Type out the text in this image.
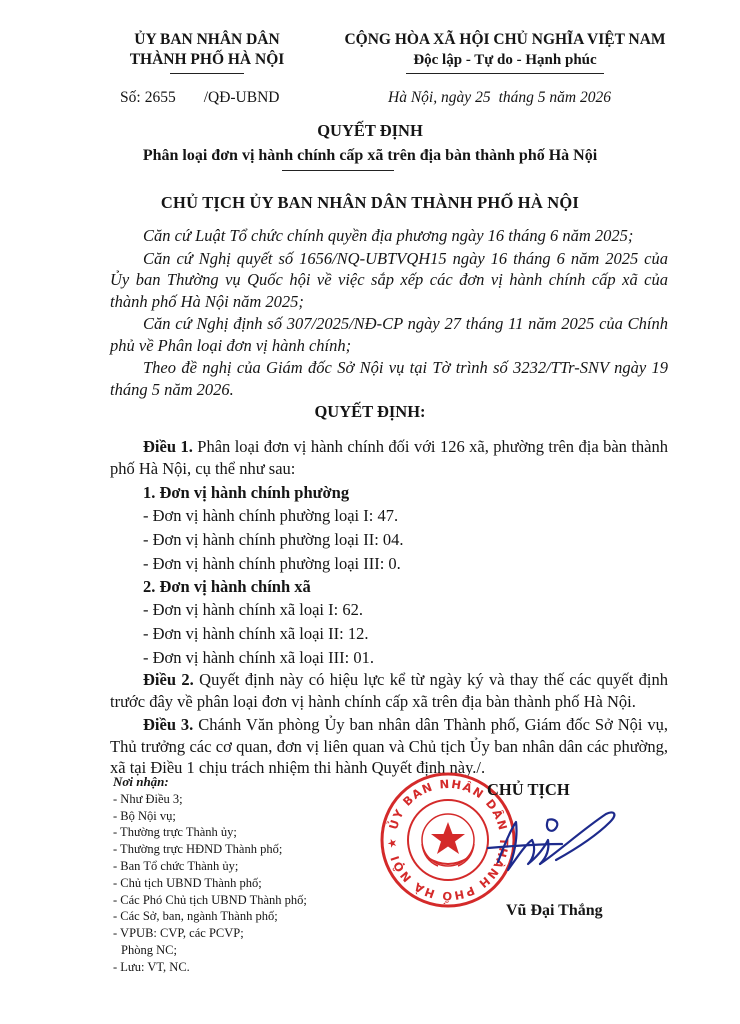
ỦY BAN NHÂN DÂN
THÀNH PHỐ HÀ NỘI
CỘNG HÒA XÃ HỘI CHỦ NGHĨA VIỆT NAM
Độc lập - Tự do - Hạnh phúc
Số: 2655 /QĐ-UBND	Hà Nội, ngày 25 tháng 5 năm 2026
QUYẾT ĐỊNH
Phân loại đơn vị hành chính cấp xã trên địa bàn thành phố Hà Nội
CHỦ TỊCH ỦY BAN NHÂN DÂN THÀNH PHỐ HÀ NỘI

Căn cứ Luật Tổ chức chính quyền địa phương ngày 16 tháng 6 năm 2025;

Căn cứ Nghị quyết số 1656/NQ-UBTVQH15 ngày 16 tháng 6 năm 2025 của Ủy ban Thường vụ Quốc hội về việc sắp xếp các đơn vị hành chính cấp xã của thành phố Hà Nội năm 2025;

Căn cứ Nghị định số 307/2025/NĐ-CP ngày 27 tháng 11 năm 2025 của Chính phủ về Phân loại đơn vị hành chính;

Theo đề nghị của Giám đốc Sở Nội vụ tại Tờ trình số 3232/TTr-SNV ngày 19 tháng 5 năm 2026.

QUYẾT ĐỊNH:

Điều 1. Phân loại đơn vị hành chính đối với 126 xã, phường trên địa bàn thành phố Hà Nội, cụ thể như sau:

1. Đơn vị hành chính phường
- Đơn vị hành chính phường loại I: 47.
- Đơn vị hành chính phường loại II: 04.
- Đơn vị hành chính phường loại III: 0.
2. Đơn vị hành chính xã
- Đơn vị hành chính xã loại I: 62.
- Đơn vị hành chính xã loại II: 12.
- Đơn vị hành chính xã loại III: 01.

Điều 2. Quyết định này có hiệu lực kể từ ngày ký và thay thế các quyết định trước đây về phân loại đơn vị hành chính cấp xã trên địa bàn thành phố Hà Nội.

Điều 3. Chánh Văn phòng Ủy ban nhân dân Thành phố, Giám đốc Sở Nội vụ, Thủ trưởng các cơ quan, đơn vị liên quan và Chủ tịch Ủy ban nhân dân các phường, xã tại Điều 1 chịu trách nhiệm thi hành Quyết định này./.

Nơi nhận:
- Như Điều 3;
- Bộ Nội vụ;
- Thường trực Thành ủy;
- Thường trực HĐND Thành phố;
- Ban Tổ chức Thành ủy;
- Chủ tịch UBND Thành phố;
- Các Phó Chủ tịch UBND Thành phố;
- Các Sở, ban, ngành Thành phố;
- VPUB: CVP, các PCVP;
Phòng NC;
- Lưu: VT, NC.
ỦY BAN NHÂN DÂN THÀNH PHỐ HÀ NỘI ★
CHỦ TỊCH
Vũ Đại Thắng
